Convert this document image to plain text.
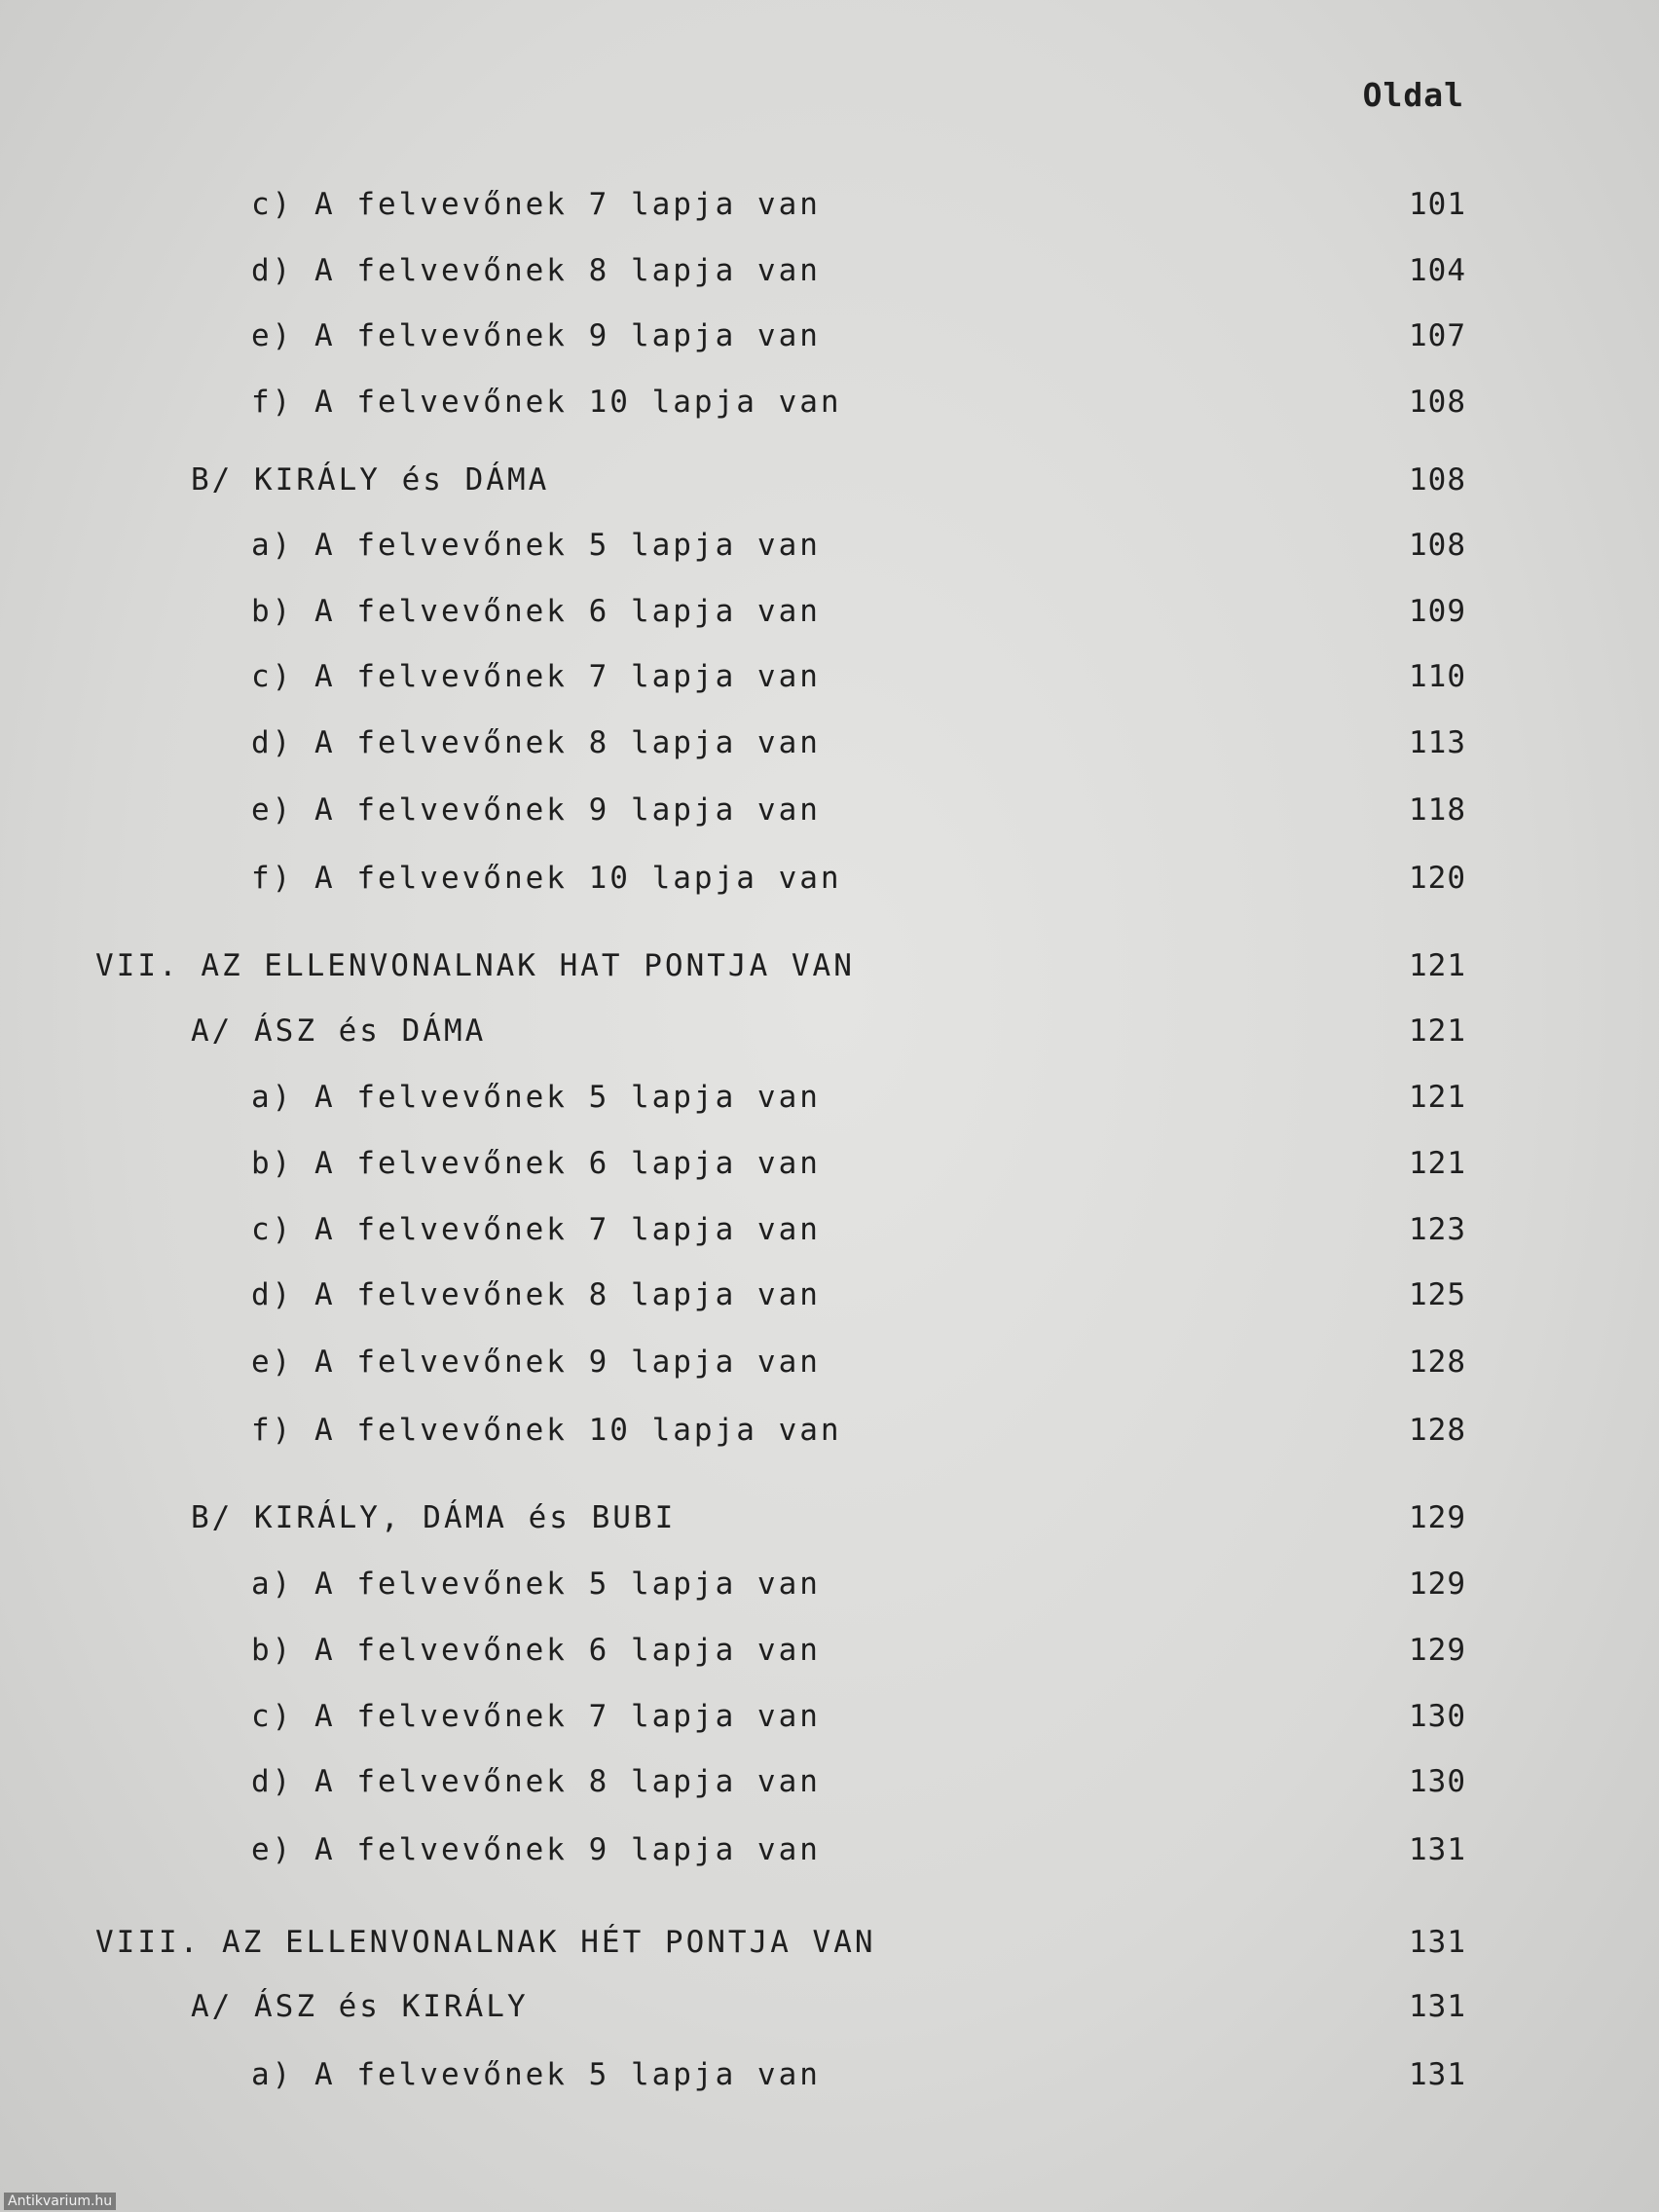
Oldal
c) A felvevőnek 7 lapja van	101
d) A felvevőnek 8 lapja van	104
e) A felvevőnek 9 lapja van	107
f) A felvevőnek 10 lapja van	108
B/ KIRÁLY és DÁMA	108
a) A felvevőnek 5 lapja van	108
b) A felvevőnek 6 lapja van	109
c) A felvevőnek 7 lapja van	110
d) A felvevőnek 8 lapja van	113
e) A felvevőnek 9 lapja van	118
f) A felvevőnek 10 lapja van	120
VII. AZ ELLENVONALNAK HAT PONTJA VAN	121
A/ ÁSZ és DÁMA	121
a) A felvevőnek 5 lapja van	121
b) A felvevőnek 6 lapja van	121
c) A felvevőnek 7 lapja van	123
d) A felvevőnek 8 lapja van	125
e) A felvevőnek 9 lapja van	128
f) A felvevőnek 10 lapja van	128
B/ KIRÁLY, DÁMA és BUBI	129
a) A felvevőnek 5 lapja van	129
b) A felvevőnek 6 lapja van	129
c) A felvevőnek 7 lapja van	130
d) A felvevőnek 8 lapja van	130
e) A felvevőnek 9 lapja van	131
VIII. AZ ELLENVONALNAK HÉT PONTJA VAN	131
A/ ÁSZ és KIRÁLY	131
a) A felvevőnek 5 lapja van	131
Antikvarium.hu
